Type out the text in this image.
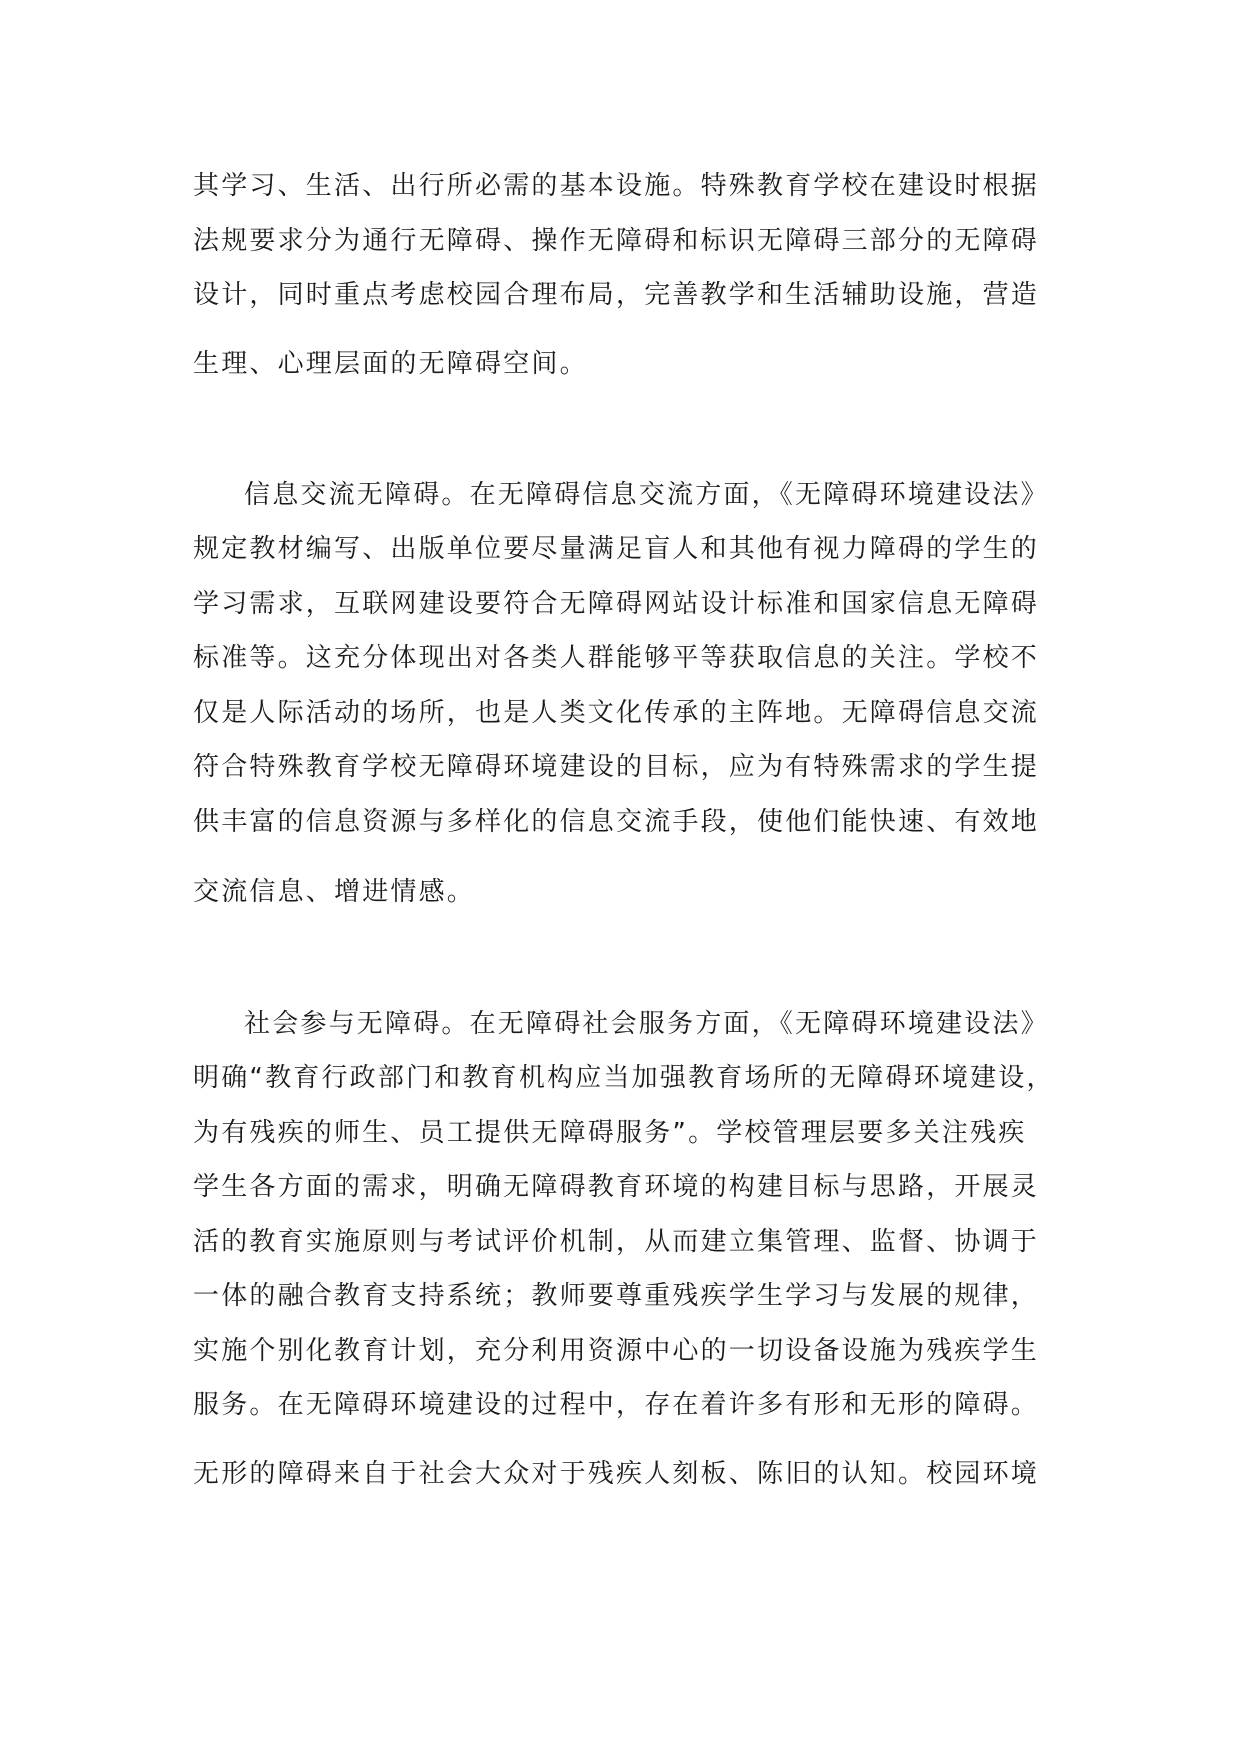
其学习、生活、出行所必需的基本设施。特殊教育学校在建设时根据
法规要求分为通行无障碍、操作无障碍和标识无障碍三部分的无障碍
设计，同时重点考虑校园合理布局，完善教学和生活辅助设施，营造
生理、心理层面的无障碍空间。
信息交流无障碍。在无障碍信息交流方面，《无障碍环境建设法》
规定教材编写、出版单位要尽量满足盲人和其他有视力障碍的学生的
学习需求，互联网建设要符合无障碍网站设计标准和国家信息无障碍
标准等。这充分体现出对各类人群能够平等获取信息的关注。学校不
仅是人际活动的场所，也是人类文化传承的主阵地。无障碍信息交流
符合特殊教育学校无障碍环境建设的目标，应为有特殊需求的学生提
供丰富的信息资源与多样化的信息交流手段，使他们能快速、有效地
交流信息、增进情感。
社会参与无障碍。在无障碍社会服务方面，《无障碍环境建设法》
明确“教育行政部门和教育机构应当加强教育场所的无障碍环境建设，
为有残疾的师生、员工提供无障碍服务”。学校管理层要多关注残疾
学生各方面的需求，明确无障碍教育环境的构建目标与思路，开展灵
活的教育实施原则与考试评价机制，从而建立集管理、监督、协调于
一体的融合教育支持系统；教师要尊重残疾学生学习与发展的规律，
实施个别化教育计划，充分利用资源中心的一切设备设施为残疾学生
服务。在无障碍环境建设的过程中，存在着许多有形和无形的障碍。
无形的障碍来自于社会大众对于残疾人刻板、陈旧的认知。校园环境
